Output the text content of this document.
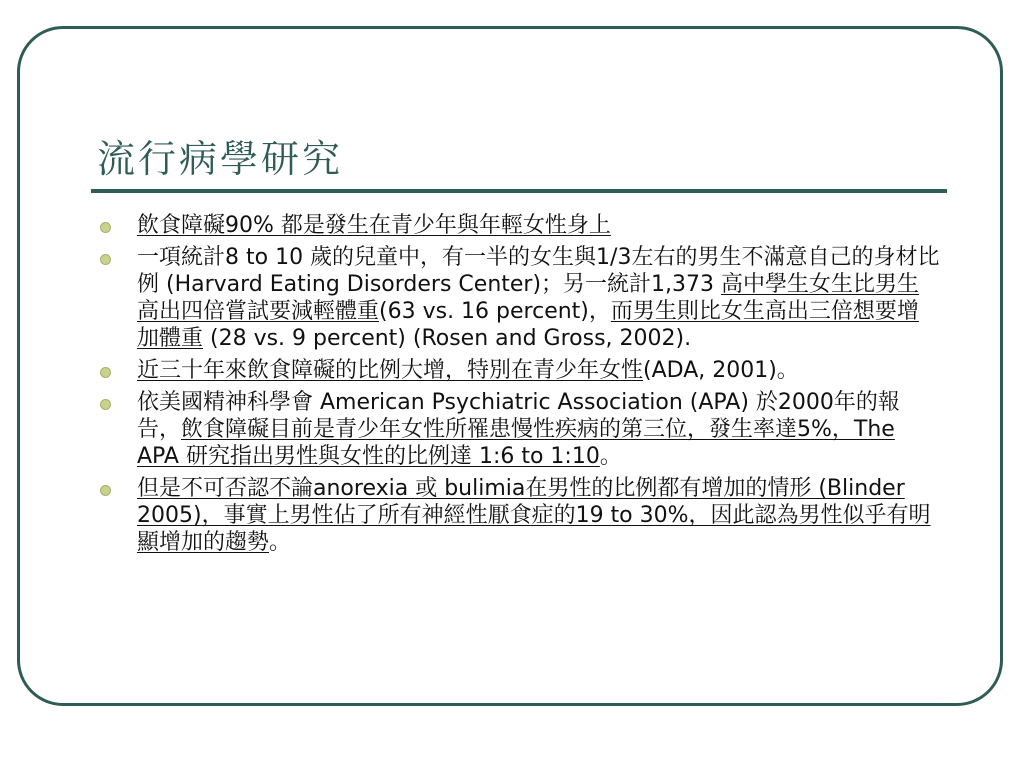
流行病學研究
飲食障礙90% 都是發生在青少年與年輕女性身上
一項統計8 to 10 歲的兒童中，有一半的女生與1/3左右的男生不滿意自己的身材比例 (Harvard Eating Disorders Center)；另一統計1,373 高中學生女生比男生高出四倍嘗試要減輕體重(63 vs. 16 percent)，而男生則比女生高出三倍想要增加體重 (28 vs. 9 percent) (Rosen and Gross, 2002).
近三十年來飲食障礙的比例大增，特別在青少年女性(ADA, 2001)。
依美國精神科學會 American Psychiatric Association (APA) 於2000年的報告，飲食障礙目前是青少年女性所罹患慢性疾病的第三位，發生率達5%，The APA 研究指出男性與女性的比例達 1:6 to 1:10。
但是不可否認不論anorexia 或 bulimia在男性的比例都有增加的情形 (Blinder 2005)，事實上男性佔了所有神經性厭食症的19 to 30%，因此認為男性似乎有明顯增加的趨勢。
